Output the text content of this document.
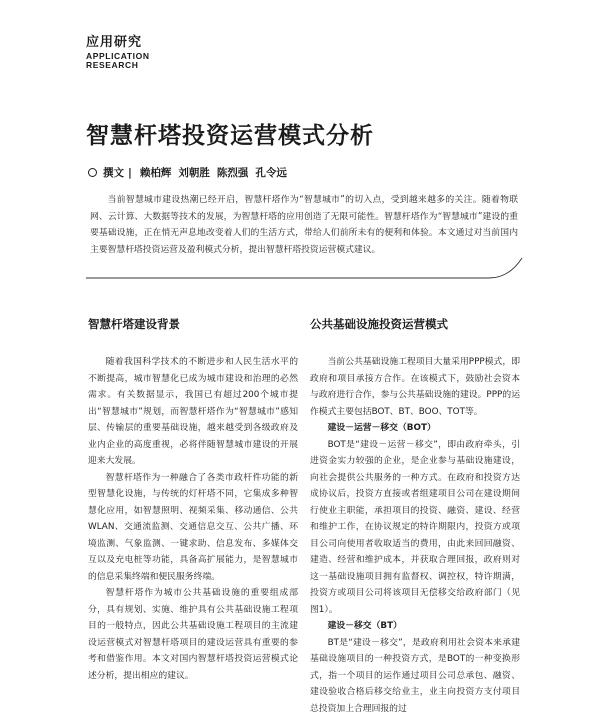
应用研究
APPLICATION
RESEARCH
智慧杆塔投资运营模式分析
撰文 | 赖柏辉 刘朝胜 陈烈强 孔令远

当前智慧城市建设热潮已经开启，智慧杆塔作为“智慧城市”的切入点，受到越来越多的关注。随着物联网、云计算、大数据等技术的发展，为智慧杆塔的应用创造了无限可能性。智慧杆塔作为“智慧城市”建设的重要基础设施，正在悄无声息地改变着人们的生活方式，带给人们前所未有的便利和体验。本文通过对当前国内主要智慧杆塔投资运营及盈利模式分析，提出智慧杆塔投资运营模式建议。

智慧杆塔建设背景

随着我国科学技术的不断进步和人民生活水平的不断提高，城市智慧化已成为城市建设和治理的必然需求。有关数据显示，我国已有超过200个城市提出“智慧城市”规划，而智慧杆塔作为“智慧城市”感知层、传输层的重要基础设施，越来越受到各级政府及业内企业的高度重视，必将伴随智慧城市建设的开展迎来大发展。

智慧杆塔作为一种融合了各类市政杆件功能的新型智慧化设施，与传统的灯杆塔不同，它集成多种智慧化应用，如智慧照明、视频采集、移动通信、公共WLAN、交通流监测、交通信息交互、公共广播、环境监测、气象监测、一键求助、信息发布、多媒体交互以及充电桩等功能，具备高扩展能力，是智慧城市的信息采集终端和便民服务终端。

智慧杆塔作为城市公共基础设施的重要组成部分，具有规划、实施、维护具有公共基础设施工程项目的一般特点，因此公共基础设施工程项目的主流建设运营模式对智慧杆塔项目的建设运营具有重要的参考和借鉴作用。本文对国内智慧杆塔投资运营模式论述分析，提出相应的建议。

公共基础设施投资运营模式

当前公共基础设施工程项目大量采用PPP模式，即政府和项目承接方合作。在该模式下，鼓励社会资本与政府进行合作，参与公共基础设施的建设。PPP的运作模式主要包括BOT、BT、BOO、TOT等。

建设－运营－移交（BOT）

BOT是“建设－运营－移交”，即由政府牵头，引进资金实力较强的企业，是企业参与基础设施建设，向社会提供公共服务的一种方式。在政府和投资方达成协议后，投资方直接或者组建项目公司在建设期间行使业主职能，承担项目的投资、融资、建设、经营和维护工作，在协议规定的特许期限内，投资方或项目公司向使用者收取适当的费用，由此来回回融资、建造、经营和维护成本，并获取合理回报，政府则对这一基础设施项目拥有监督权、调控权，特许期满，投资方或项目公司将该项目无偿移交给政府部门（见图1）。

建设－移交（BT）

BT是“建设－移交”，是政府利用社会资本来承建基础设施项目的一种投资方式，是BOT的一种变换形式，指一个项目的运作通过项目公司总承包、融资、建设验收合格后移交给业主，业主向投资方支付项目总投资加上合理回报的过
